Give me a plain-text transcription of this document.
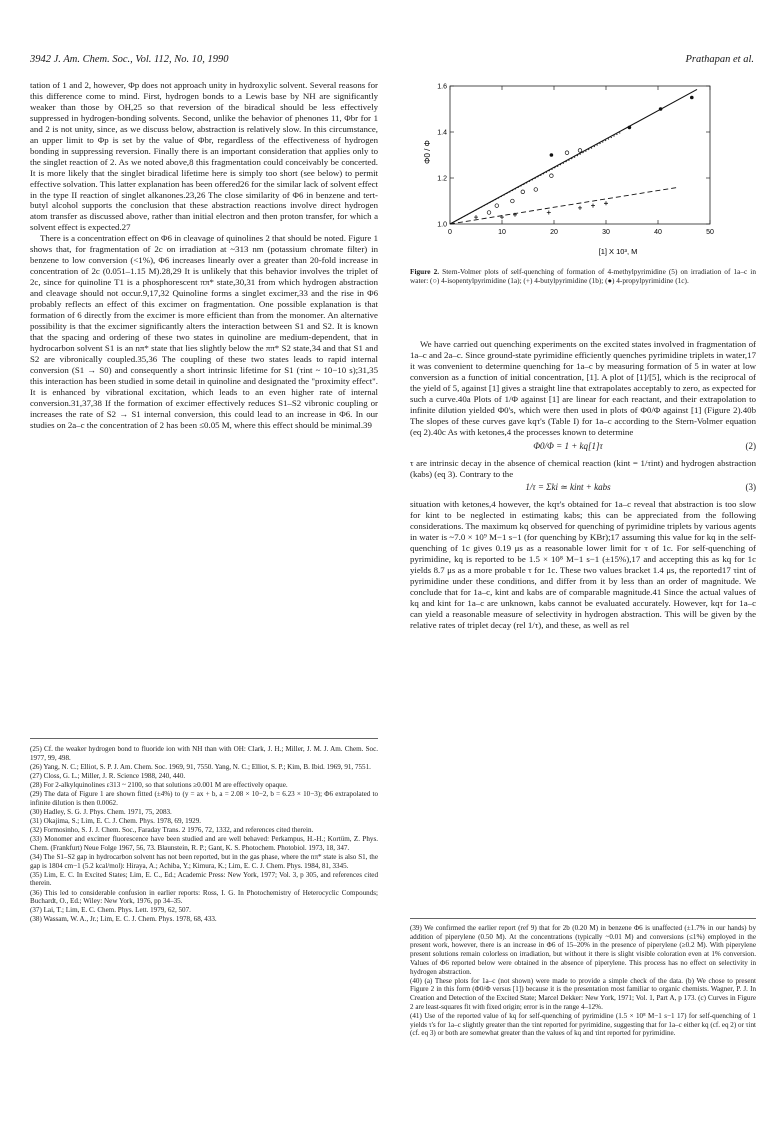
3942 J. Am. Chem. Soc., Vol. 112, No. 10, 1990	Prathapan et al.

tation of 1 and 2, however, Φp does not approach unity in hydroxylic solvent. Several reasons for this difference come to mind. First, hydrogen bonds to a Lewis base by NH are significantly weaker than those by OH,25 so that reversion of the biradical should be less effectively suppressed in hydrogen-bonding solvents. Second, unlike the behavior of phenones 11, Φbr for 1 and 2 is not unity, since, as we discuss below, abstraction is relatively slow. In this circumstance, an upper limit to Φp is set by the value of Φbr, regardless of the effectiveness of hydrogen bonding in suppressing reversion. Finally there is an important consideration that applies only to the singlet reaction of 2. As we noted above,8 this fragmentation could conceivably be concerted. It is more likely that the singlet biradical lifetime here is simply too short (see below) to permit effective solvation. This latter explanation has been offered26 for the similar lack of solvent effect in the type II reaction of singlet alkanones.23,26 The close similarity of Φ6 in benzene and tert-butyl alcohol supports the conclusion that these abstraction reactions involve direct hydrogen atom transfer as discussed above, rather than initial electron and then proton transfer, for which a solvent effect is expected.27

There is a concentration effect on Φ6 in cleavage of quinolines 2 that should be noted. Figure 1 shows that, for fragmentation of 2c on irradiation at ~313 nm (potassium chromate filter) in benzene to low conversion (<1%), Φ6 increases linearly over a greater than 20-fold increase in concentration of 2c (0.051–1.15 M).28,29 It is unlikely that this behavior involves the triplet of 2c, since for quinoline T1 is a phosphorescent ππ* state,30,31 from which hydrogen abstraction and cleavage should not occur.9,17,32 Quinoline forms a singlet excimer,33 and the rise in Φ6 probably reflects an effect of this excimer on fragmentation. One possible explanation is that formation of 6 directly from the excimer is more efficient than from the monomer. An alternative possibility is that the excimer significantly alters the interaction between S1 and S2. It is known that the spacing and ordering of these two states in quinoline are medium-dependent, that in hydrocarbon solvent S1 is an nπ* state that lies slightly below the ππ* S2 state,34 and that S1 and S2 are vibronically coupled.35,36 The coupling of these two states leads to rapid internal conversion (S1 → S0) and consequently a short intrinsic lifetime for S1 (τint ~ 10−10 s);31,35 this interaction has been studied in some detail in quinoline and designated the "proximity effect". It is enhanced by vibrational excitation, which leads to an even higher rate of internal conversion.31,37,38 If the formation of excimer effectively reduces S1–S2 vibronic coupling or increases the rate of S2 → S1 internal conversion, this could lead to an increase in Φ6. In our studies on 2a–c the concentration of 2 has been ≤0.05 M, where this effect should be minimal.39

(25) Cf. the weaker hydrogen bond to fluoride ion with NH than with OH: Clark, J. H.; Miller, J. M. J. Am. Chem. Soc. 1977, 99, 498.

(26) Yang, N. C.; Elliot, S. P. J. Am. Chem. Soc. 1969, 91, 7550. Yang, N. C.; Elliot, S. P.; Kim, B. Ibid. 1969, 91, 7551.

(27) Closs, G. L.; Miller, J. R. Science 1988, 240, 440.

(28) For 2-alkylquinolines ε313 ~ 2100, so that solutions ≥0.001 M are effectively opaque.

(29) The data of Figure 1 are shown fitted (±4%) to (y = ax + b, a = 2.08 × 10−2, b = 6.23 × 10−3); Φ6 extrapolated to infinite dilution is then 0.0062.

(30) Hadley, S. G. J. Phys. Chem. 1971, 75, 2083.

(31) Okajima, S.; Lim, E. C. J. Chem. Phys. 1978, 69, 1929.

(32) Formosinho, S. J. J. Chem. Soc., Faraday Trans. 2 1976, 72, 1332, and references cited therein.

(33) Monomer and excimer fluorescence have been studied and are well behaved: Perkampus, H.-H.; Kortüm, Z. Phys. Chem. (Frankfurt) Neue Folge 1967, 56, 73. Blaunstein, R. P.; Gant, K. S. Photochem. Photobiol. 1973, 18, 347.

(34) The S1–S2 gap in hydrocarbon solvent has not been reported, but in the gas phase, where the nπ* state is also S1, the gap is 1804 cm−1 (5.2 kcal/mol): Hiraya, A.; Achiba, Y.; Kimura, K.; Lim, E. C. J. Chem. Phys. 1984, 81, 3345.

(35) Lim, E. C. In Excited States; Lim, E. C., Ed.; Academic Press: New York, 1977; Vol. 3, p 305, and references cited therein.

(36) This led to considerable confusion in earlier reports: Ross, I. G. In Photochemistry of Heterocyclic Compounds; Buchardt, O., Ed.; Wiley: New York, 1976, pp 34–35.

(37) Lai, T.; Lim, E. C. Chem. Phys. Lett. 1979, 62, 507.

(38) Wassam, W. A., Jr.; Lim, E. C. J. Chem. Phys. 1978, 68, 433.

0	10	20	30	40	50
1.0
1.2
1.4
1.6
Φ0 / Φ
[1] X 10³, M
Figure 2. Stern-Volmer plots of self-quenching of formation of 4-methylpyrimidine (5) on irradiation of 1a–c in water: (○) 4-isopentylpyrimidine (1a); (+) 4-butylpyrimidine (1b); (●) 4-propylpyrimidine (1c).

We have carried out quenching experiments on the excited states involved in fragmentation of 1a–c and 2a–c. Since ground-state pyrimidine efficiently quenches pyrimidine triplets in water,17 it was convenient to determine quenching for 1a–c by measuring formation of 5 in water at low conversion as a function of initial concentration, [1]. A plot of [1]/[5], which is the reciprocal of the yield of 5, against [1] gives a straight line that extrapolates acceptably to zero, as expected for such a curve.40a Plots of 1/Φ against [1] are linear for each reactant, and their extrapolation to infinite dilution yielded Φ0's, which were then used in plots of Φ0/Φ against [1] (Figure 2).40b The slopes of these curves gave kqτ's (Table I) for 1a–c according to the Stern-Volmer equation (eq 2).40c As with ketones,4 the processes known to determine

Φ0/Φ = 1 + kq[1]τ	(2)

τ are intrinsic decay in the absence of chemical reaction (kint = 1/τint) and hydrogen abstraction (kabs) (eq 3). Contrary to the

1/τ = Σki ≃ kint + kabs	(3)

situation with ketones,4 however, the kqτ's obtained for 1a–c reveal that abstraction is too slow for kint to be neglected in estimating kabs; this can be appreciated from the following considerations. The maximum kq observed for quenching of pyrimidine triplets by various agents in water is ~7.0 × 10⁹ M−1 s−1 (for quenching by KBr);17 assuming this value for kq in the self-quenching of 1c gives 0.19 μs as a reasonable lower limit for τ of 1c. For self-quenching of pyrimidine, kq is reported to be 1.5 × 10⁸ M−1 s−1 (±15%),17 and accepting this as kq for 1c yields 8.7 μs as a more probable τ for 1c. These two values bracket 1.4 μs, the reported17 τint of pyrimidine under these conditions, and differ from it by less than an order of magnitude. We conclude that for 1a–c, kint and kabs are of comparable magnitude.41 Since the actual values of kq and kint for 1a–c are unknown, kabs cannot be evaluated accurately. However, kqτ for 1a–c can yield a reasonable measure of selectivity in hydrogen abstraction. This will be given by the relative rates of triplet decay (rel 1/τ), and these, as well as rel

(39) We confirmed the earlier report (ref 9) that for 2b (0.20 M) in benzene Φ6 is unaffected (±1.7% in our hands) by addition of piperylene (0.50 M). At the concentrations (typically ~0.01 M) and conversions (≤1%) employed in the present work, however, there is an increase in Φ6 of 15–20% in the presence of piperylene (≥0.2 M). With piperylene present solutions remain colorless on irradiation, but without it there is slight visible coloration even at 1% conversion. Values of Φ6 reported below were obtained in the absence of piperylene. This process has no effect on selectivity in hydrogen abstraction.

(40) (a) These plots for 1a–c (not shown) were made to provide a simple check of the data. (b) We chose to present Figure 2 in this form (Φ0/Φ versus [1]) because it is the presentation most familiar to organic chemists. Wagner, P. J. In Creation and Detection of the Excited State; Marcel Dekker: New York, 1971; Vol. 1, Part A, p 173. (c) Curves in Figure 2 are least-squares fit with fixed origin; error is in the range 4–12%.

(41) Use of the reported value of kq for self-quenching of pyrimidine (1.5 × 10⁸ M−1 s−1 17) for self-quenching of 1 yields τ's for 1a–c slightly greater than the τint reported for pyrimidine, suggesting that for 1a–c either kq (cf. eq 2) or τint (cf. eq 3) or both are somewhat greater than the values of kq and τint reported for pyrimidine.
